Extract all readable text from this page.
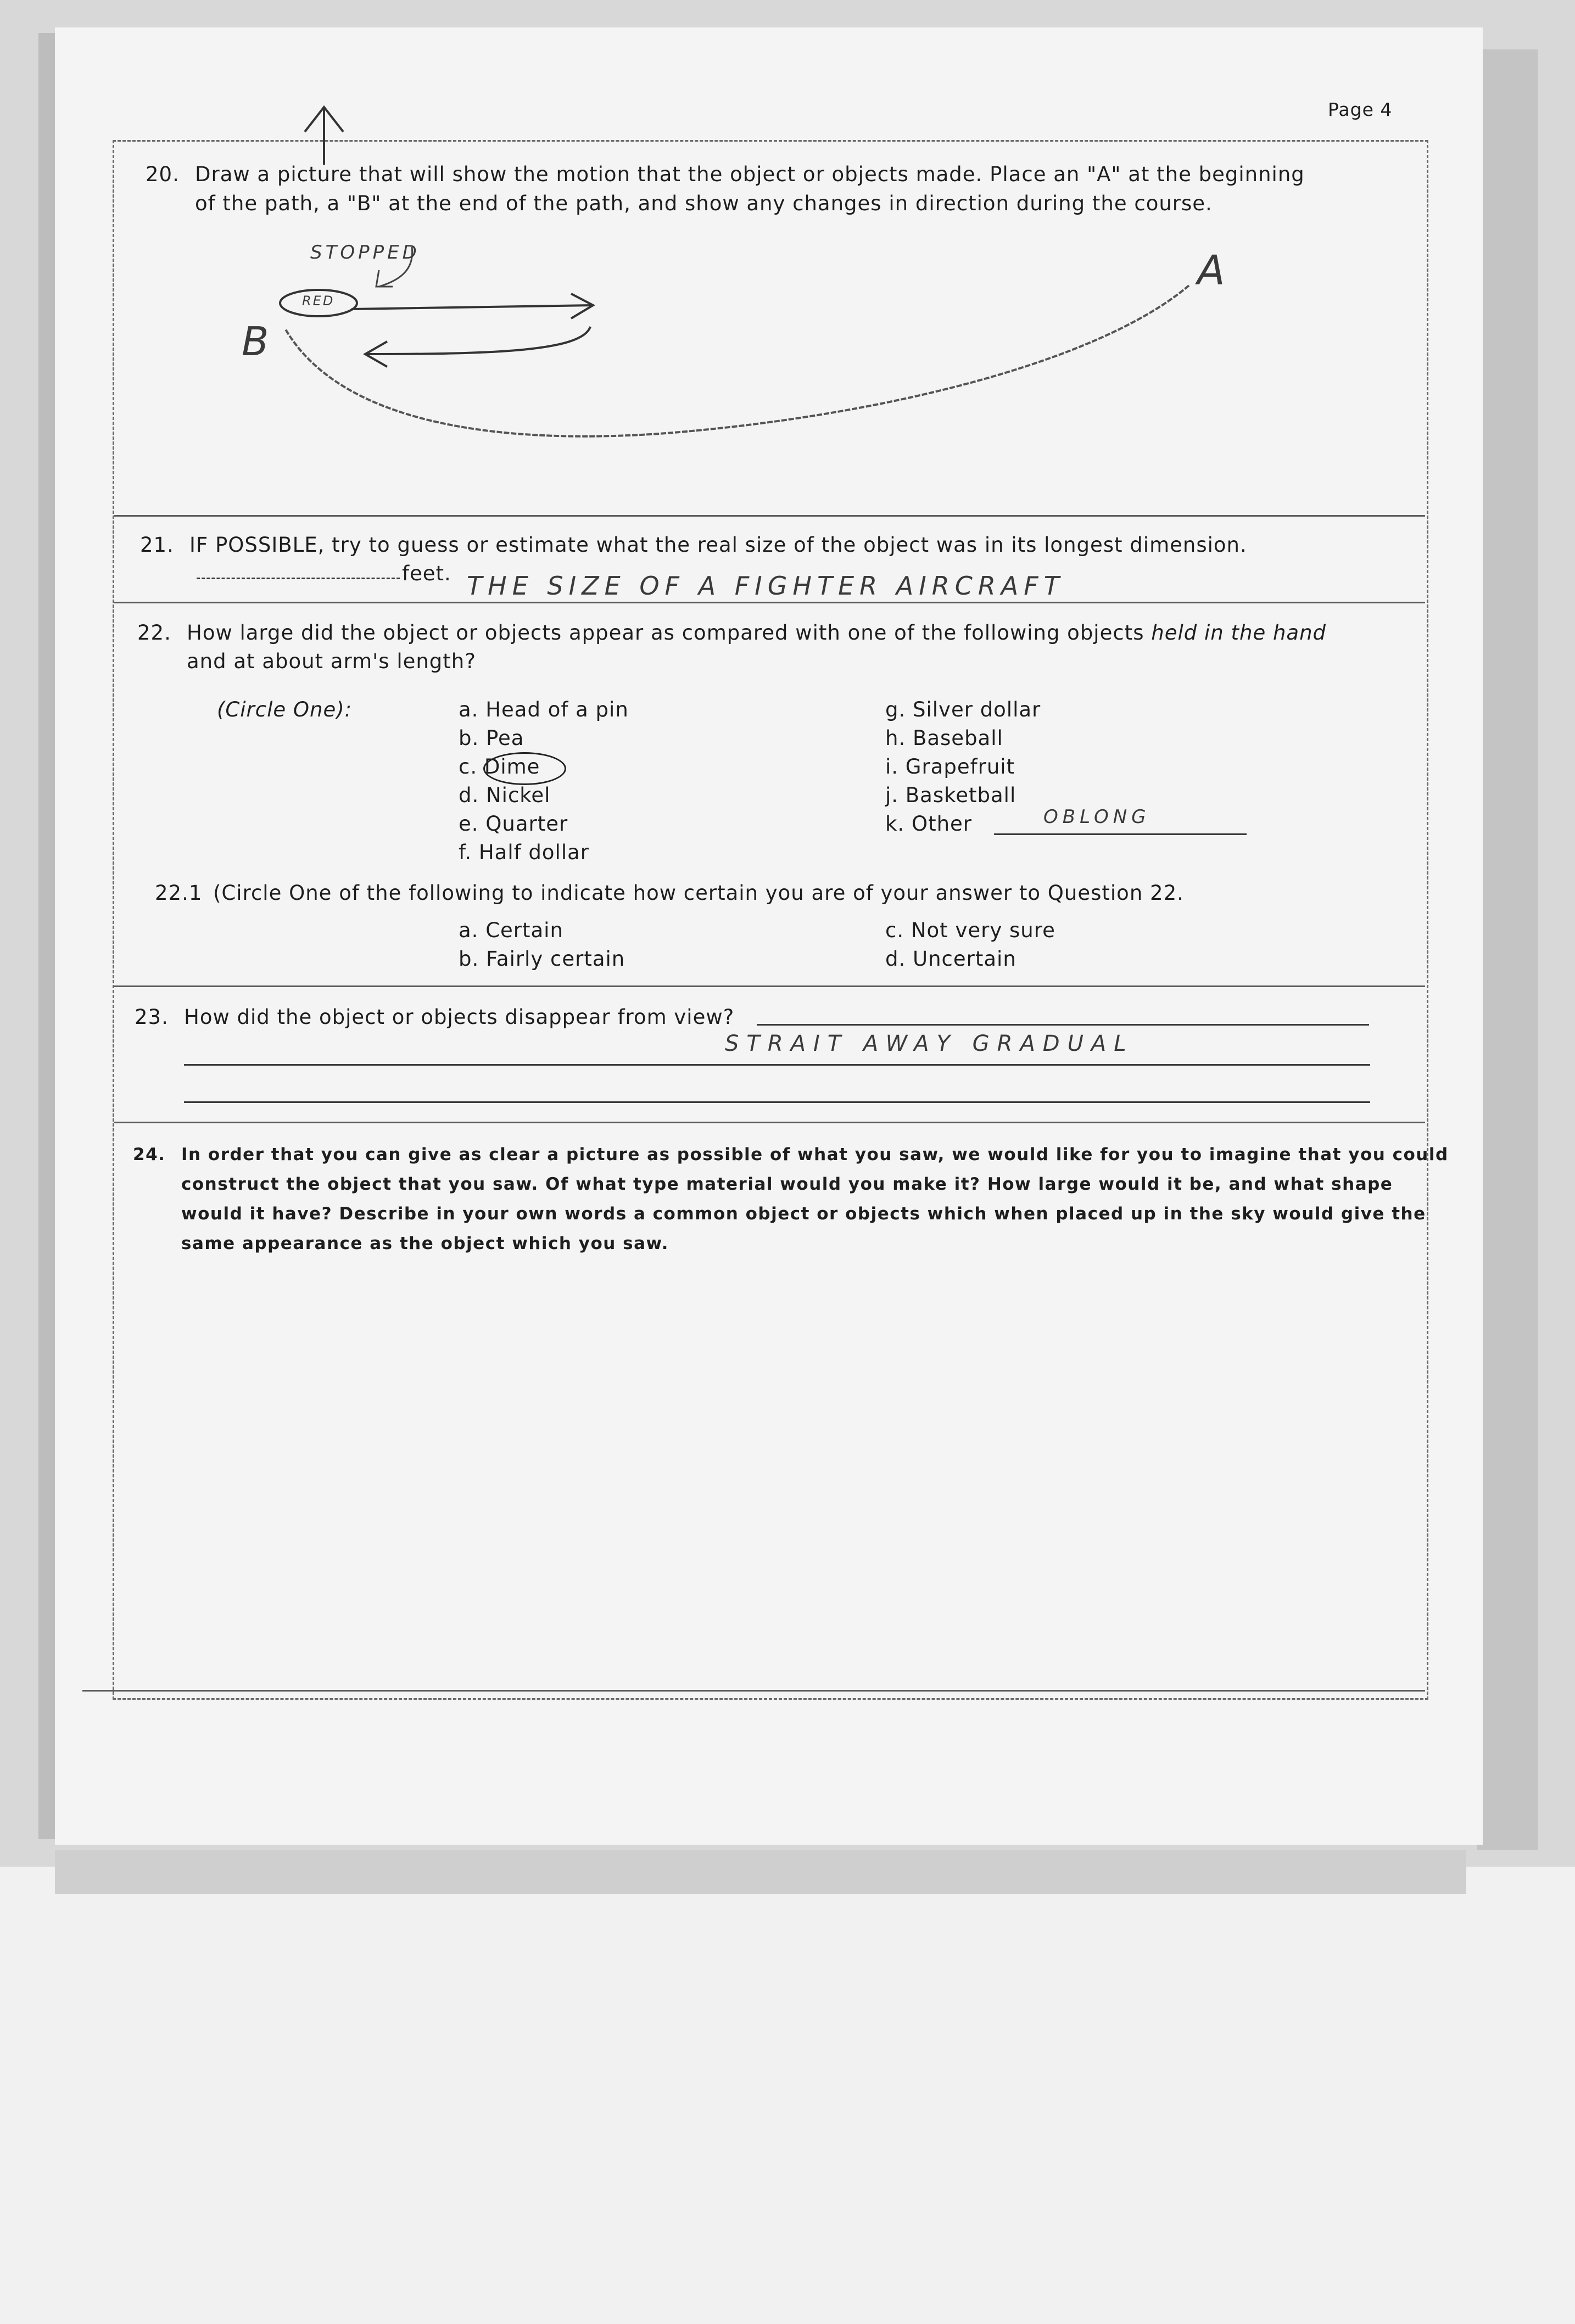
Page 4
20. Draw a picture that will show the motion that the object or objects made. Place an "A" at the beginning
of the path, a "B" at the end of the path, and show any changes in direction during the course.
A
B
STOPPED
RED
21. IF POSSIBLE, try to guess or estimate what the real size of the object was in its longest dimension.
feet. THE SIZE OF A FIGHTER AIRCRAFT
22. How large did the object or objects appear as compared with one of the following objects held in the hand
and at about arm's length?
(Circle One):	a. Head of a pin
b. Pea
c. Dime
d. Nickel
e. Quarter
f. Half dollar
g. Silver dollar
h. Baseball
i. Grapefruit
j. Basketball
k. Other	OBLONG
22.1 (Circle One of the following to indicate how certain you are of your answer to Question 22.
a. Certain
b. Fairly certain
c. Not very sure
d. Uncertain
23. How did the object or objects disappear from view?
STRAIT AWAY GRADUAL
24. In order that you can give as clear a picture as possible of what you saw, we would like for you to imagine that you could
construct the object that you saw. Of what type material would you make it? How large would it be, and what shape
would it have? Describe in your own words a common object or objects which when placed up in the sky would give the
same appearance as the object which you saw.
